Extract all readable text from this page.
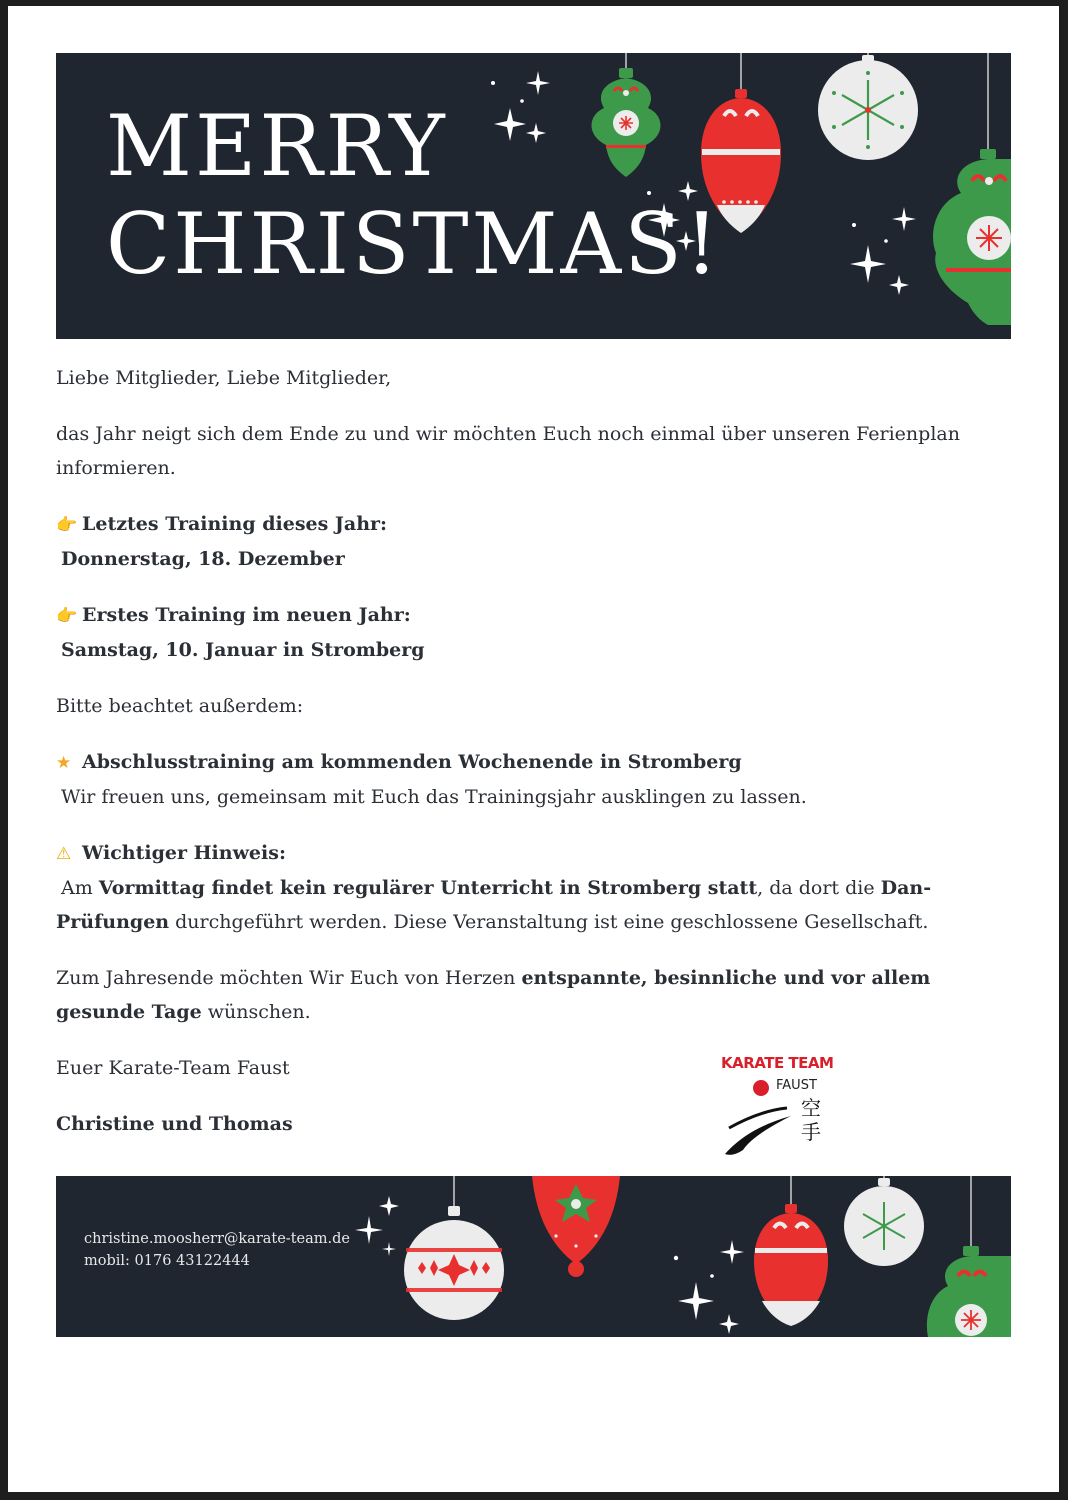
MERRY
CHRISTMAS!

Liebe Mitglieder, Liebe Mitglieder,

das Jahr neigt sich dem Ende zu und wir möchten Euch noch einmal über unseren Ferienplan informieren.

👉 Letztes Training dieses Jahr:
Donnerstag, 18. Dezember

👉 Erstes Training im neuen Jahr:
Samstag, 10. Januar in Stromberg

Bitte beachtet außerdem:

★ Abschlusstraining am kommenden Wochenende in Stromberg
Wir freuen uns, gemeinsam mit Euch das Trainingsjahr ausklingen zu lassen.

⚠ Wichtiger Hinweis:
Am Vormittag findet kein regulärer Unterricht in Stromberg statt, da dort die Dan-Prüfungen durchgeführt werden. Diese Veranstaltung ist eine geschlossene Gesellschaft.

Zum Jahresende möchten Wir Euch von Herzen entspannte, besinnliche und vor allem gesunde Tage wünschen.

Euer Karate-Team Faust

Christine und Thomas

KARATE TEAM
FAUST
空
手
christine.moosherr@karate-team.de
mobil: 0176 43122444
